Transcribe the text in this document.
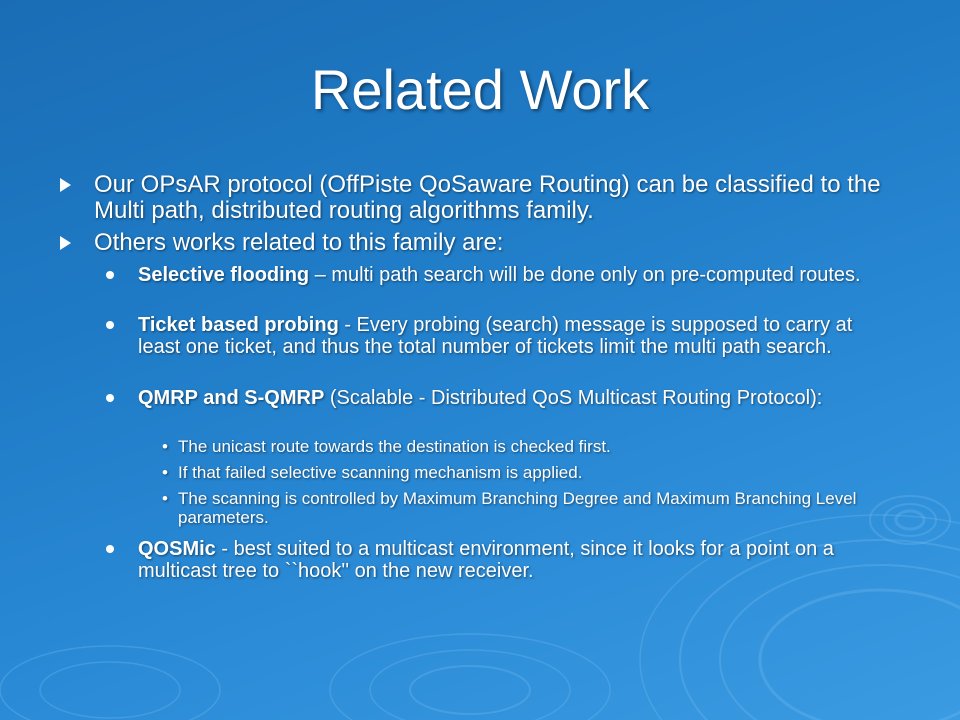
Related Work
Our OPsAR protocol (OffPiste QoSaware Routing) can be classified to the Multi path, distributed routing algorithms family.
Others works related to this family are:
Selective flooding – multi path search will be done only on pre-computed routes.
Ticket based probing - Every probing (search) message is supposed to carry at least one ticket, and thus the total number of tickets limit the multi path search.
QMRP and S-QMRP (Scalable - Distributed QoS Multicast Routing Protocol):
• The unicast route towards the destination is checked first.
• If that failed selective scanning mechanism is applied.
• The scanning is controlled by Maximum Branching Degree and Maximum Branching Level parameters.
QOSMic - best suited to a multicast environment, since it looks for a point on a multicast tree to ``hook'' on the new receiver.
